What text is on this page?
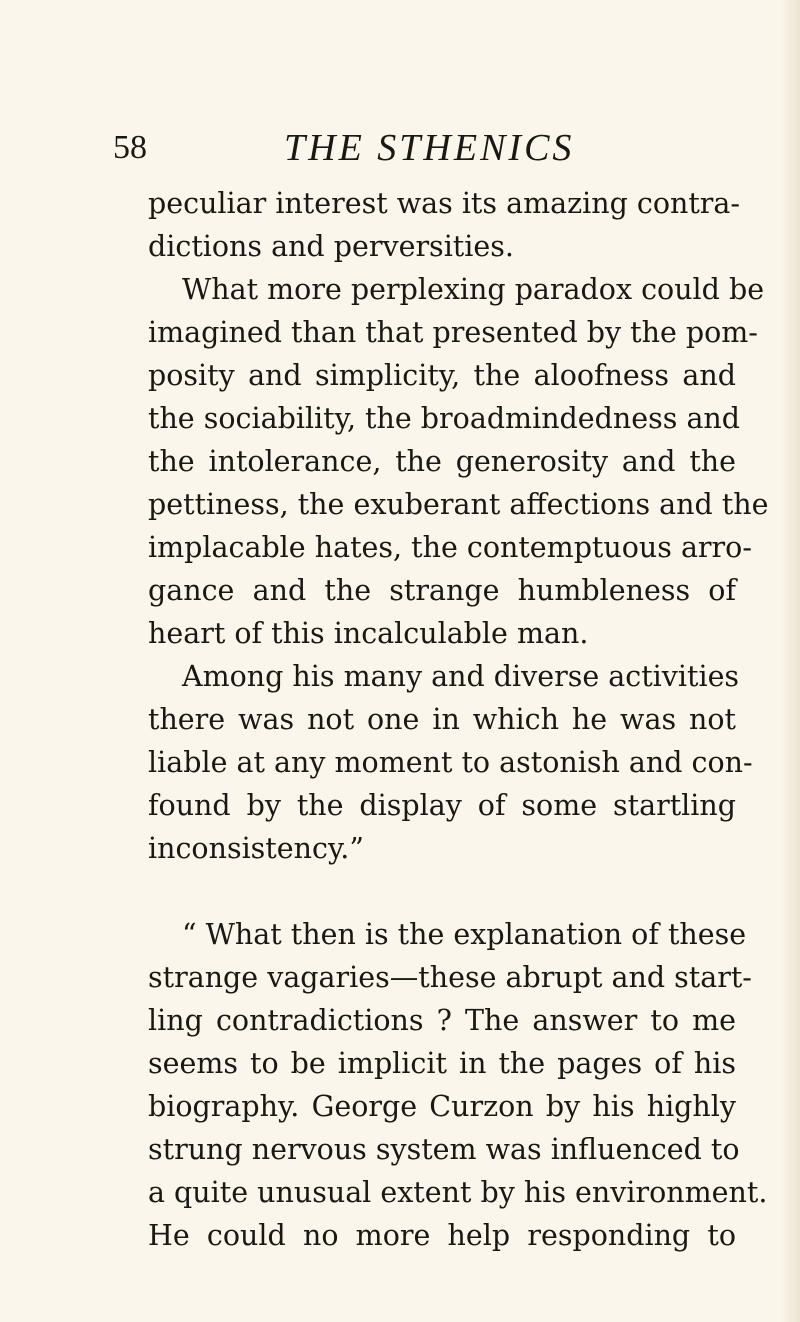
58	THE STHENICS
peculiar interest was its amazing contra-
dictions and perversities.
What more perplexing paradox could be
imagined than that presented by the pom-
posity and simplicity, the aloofness and
the sociability, the broadmindedness and
the intolerance, the generosity and the
pettiness, the exuberant affections and the
implacable hates, the contemptuous arro-
gance and the strange humbleness of
heart of this incalculable man.
Among his many and diverse activities
there was not one in which he was not
liable at any moment to astonish and con-
found by the display of some startling
inconsistency.”
“ What then is the explanation of these
strange vagaries—these abrupt and start-
ling contradictions ? The answer to me
seems to be implicit in the pages of his
biography. George Curzon by his highly
strung nervous system was influenced to
a quite unusual extent by his environment.
He could no more help responding to
